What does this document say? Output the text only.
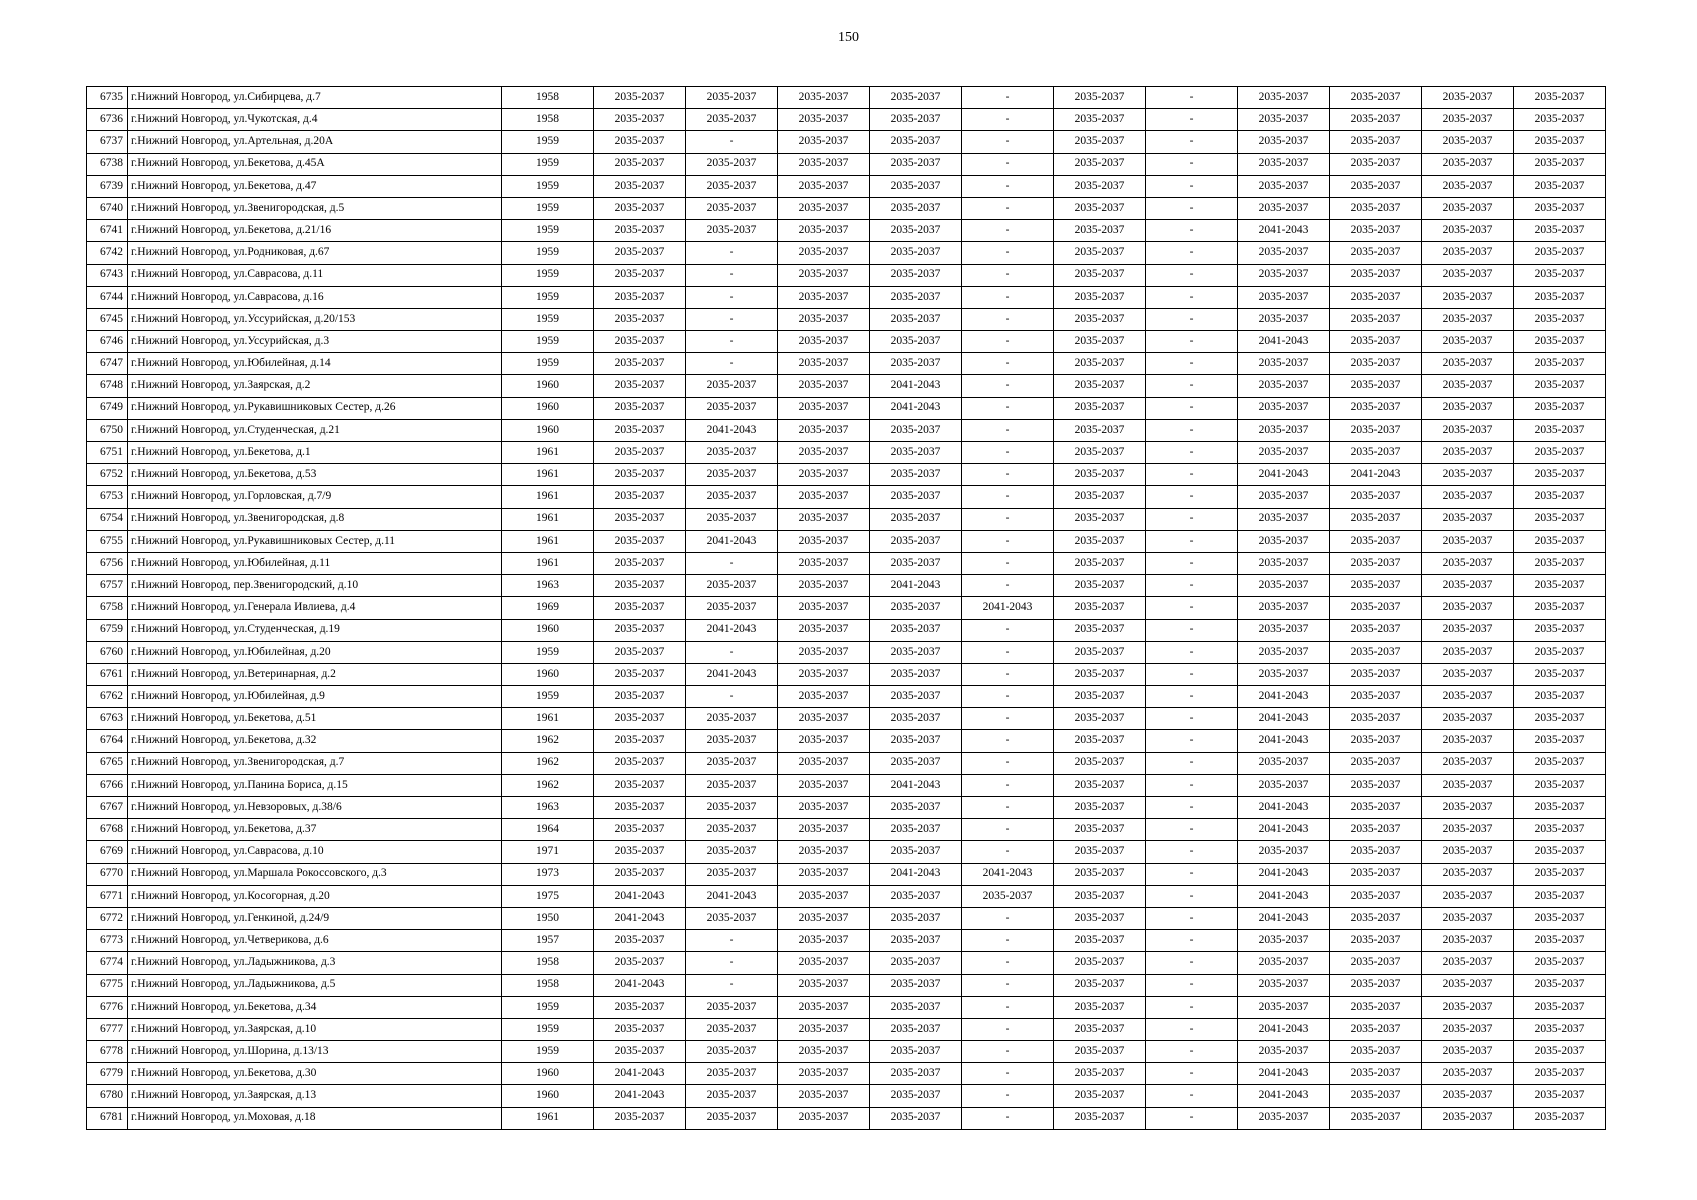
150
6735	г.Нижний Новгород, ул.Сибирцева, д.7	1958	2035-2037	2035-2037	2035-2037	2035-2037	-	2035-2037	-	2035-2037	2035-2037	2035-2037	2035-2037
6736	г.Нижний Новгород, ул.Чукотская, д.4	1958	2035-2037	2035-2037	2035-2037	2035-2037	-	2035-2037	-	2035-2037	2035-2037	2035-2037	2035-2037
6737	г.Нижний Новгород, ул.Артельная, д.20А	1959	2035-2037	-	2035-2037	2035-2037	-	2035-2037	-	2035-2037	2035-2037	2035-2037	2035-2037
6738	г.Нижний Новгород, ул.Бекетова, д.45А	1959	2035-2037	2035-2037	2035-2037	2035-2037	-	2035-2037	-	2035-2037	2035-2037	2035-2037	2035-2037
6739	г.Нижний Новгород, ул.Бекетова, д.47	1959	2035-2037	2035-2037	2035-2037	2035-2037	-	2035-2037	-	2035-2037	2035-2037	2035-2037	2035-2037
6740	г.Нижний Новгород, ул.Звенигородская, д.5	1959	2035-2037	2035-2037	2035-2037	2035-2037	-	2035-2037	-	2035-2037	2035-2037	2035-2037	2035-2037
6741	г.Нижний Новгород, ул.Бекетова, д.21/16	1959	2035-2037	2035-2037	2035-2037	2035-2037	-	2035-2037	-	2041-2043	2035-2037	2035-2037	2035-2037
6742	г.Нижний Новгород, ул.Родниковая, д.67	1959	2035-2037	-	2035-2037	2035-2037	-	2035-2037	-	2035-2037	2035-2037	2035-2037	2035-2037
6743	г.Нижний Новгород, ул.Саврасова, д.11	1959	2035-2037	-	2035-2037	2035-2037	-	2035-2037	-	2035-2037	2035-2037	2035-2037	2035-2037
6744	г.Нижний Новгород, ул.Саврасова, д.16	1959	2035-2037	-	2035-2037	2035-2037	-	2035-2037	-	2035-2037	2035-2037	2035-2037	2035-2037
6745	г.Нижний Новгород, ул.Уссурийская, д.20/153	1959	2035-2037	-	2035-2037	2035-2037	-	2035-2037	-	2035-2037	2035-2037	2035-2037	2035-2037
6746	г.Нижний Новгород, ул.Уссурийская, д.3	1959	2035-2037	-	2035-2037	2035-2037	-	2035-2037	-	2041-2043	2035-2037	2035-2037	2035-2037
6747	г.Нижний Новгород, ул.Юбилейная, д.14	1959	2035-2037	-	2035-2037	2035-2037	-	2035-2037	-	2035-2037	2035-2037	2035-2037	2035-2037
6748	г.Нижний Новгород, ул.Заярская, д.2	1960	2035-2037	2035-2037	2035-2037	2041-2043	-	2035-2037	-	2035-2037	2035-2037	2035-2037	2035-2037
6749	г.Нижний Новгород, ул.Рукавишниковых Сестер, д.26	1960	2035-2037	2035-2037	2035-2037	2041-2043	-	2035-2037	-	2035-2037	2035-2037	2035-2037	2035-2037
6750	г.Нижний Новгород, ул.Студенческая, д.21	1960	2035-2037	2041-2043	2035-2037	2035-2037	-	2035-2037	-	2035-2037	2035-2037	2035-2037	2035-2037
6751	г.Нижний Новгород, ул.Бекетова, д.1	1961	2035-2037	2035-2037	2035-2037	2035-2037	-	2035-2037	-	2035-2037	2035-2037	2035-2037	2035-2037
6752	г.Нижний Новгород, ул.Бекетова, д.53	1961	2035-2037	2035-2037	2035-2037	2035-2037	-	2035-2037	-	2041-2043	2041-2043	2035-2037	2035-2037
6753	г.Нижний Новгород, ул.Горловская, д.7/9	1961	2035-2037	2035-2037	2035-2037	2035-2037	-	2035-2037	-	2035-2037	2035-2037	2035-2037	2035-2037
6754	г.Нижний Новгород, ул.Звенигородская, д.8	1961	2035-2037	2035-2037	2035-2037	2035-2037	-	2035-2037	-	2035-2037	2035-2037	2035-2037	2035-2037
6755	г.Нижний Новгород, ул.Рукавишниковых Сестер, д.11	1961	2035-2037	2041-2043	2035-2037	2035-2037	-	2035-2037	-	2035-2037	2035-2037	2035-2037	2035-2037
6756	г.Нижний Новгород, ул.Юбилейная, д.11	1961	2035-2037	-	2035-2037	2035-2037	-	2035-2037	-	2035-2037	2035-2037	2035-2037	2035-2037
6757	г.Нижний Новгород, пер.Звенигородский, д.10	1963	2035-2037	2035-2037	2035-2037	2041-2043	-	2035-2037	-	2035-2037	2035-2037	2035-2037	2035-2037
6758	г.Нижний Новгород, ул.Генерала Ивлиева, д.4	1969	2035-2037	2035-2037	2035-2037	2035-2037	2041-2043	2035-2037	-	2035-2037	2035-2037	2035-2037	2035-2037
6759	г.Нижний Новгород, ул.Студенческая, д.19	1960	2035-2037	2041-2043	2035-2037	2035-2037	-	2035-2037	-	2035-2037	2035-2037	2035-2037	2035-2037
6760	г.Нижний Новгород, ул.Юбилейная, д.20	1959	2035-2037	-	2035-2037	2035-2037	-	2035-2037	-	2035-2037	2035-2037	2035-2037	2035-2037
6761	г.Нижний Новгород, ул.Ветеринарная, д.2	1960	2035-2037	2041-2043	2035-2037	2035-2037	-	2035-2037	-	2035-2037	2035-2037	2035-2037	2035-2037
6762	г.Нижний Новгород, ул.Юбилейная, д.9	1959	2035-2037	-	2035-2037	2035-2037	-	2035-2037	-	2041-2043	2035-2037	2035-2037	2035-2037
6763	г.Нижний Новгород, ул.Бекетова, д.51	1961	2035-2037	2035-2037	2035-2037	2035-2037	-	2035-2037	-	2041-2043	2035-2037	2035-2037	2035-2037
6764	г.Нижний Новгород, ул.Бекетова, д.32	1962	2035-2037	2035-2037	2035-2037	2035-2037	-	2035-2037	-	2041-2043	2035-2037	2035-2037	2035-2037
6765	г.Нижний Новгород, ул.Звенигородская, д.7	1962	2035-2037	2035-2037	2035-2037	2035-2037	-	2035-2037	-	2035-2037	2035-2037	2035-2037	2035-2037
6766	г.Нижний Новгород, ул.Панина Бориса, д.15	1962	2035-2037	2035-2037	2035-2037	2041-2043	-	2035-2037	-	2035-2037	2035-2037	2035-2037	2035-2037
6767	г.Нижний Новгород, ул.Невзоровых, д.38/6	1963	2035-2037	2035-2037	2035-2037	2035-2037	-	2035-2037	-	2041-2043	2035-2037	2035-2037	2035-2037
6768	г.Нижний Новгород, ул.Бекетова, д.37	1964	2035-2037	2035-2037	2035-2037	2035-2037	-	2035-2037	-	2041-2043	2035-2037	2035-2037	2035-2037
6769	г.Нижний Новгород, ул.Саврасова, д.10	1971	2035-2037	2035-2037	2035-2037	2035-2037	-	2035-2037	-	2035-2037	2035-2037	2035-2037	2035-2037
6770	г.Нижний Новгород, ул.Маршала Рокоссовского, д.3	1973	2035-2037	2035-2037	2035-2037	2041-2043	2041-2043	2035-2037	-	2041-2043	2035-2037	2035-2037	2035-2037
6771	г.Нижний Новгород, ул.Косогорная, д.20	1975	2041-2043	2041-2043	2035-2037	2035-2037	2035-2037	2035-2037	-	2041-2043	2035-2037	2035-2037	2035-2037
6772	г.Нижний Новгород, ул.Генкиной, д.24/9	1950	2041-2043	2035-2037	2035-2037	2035-2037	-	2035-2037	-	2041-2043	2035-2037	2035-2037	2035-2037
6773	г.Нижний Новгород, ул.Четверикова, д.6	1957	2035-2037	-	2035-2037	2035-2037	-	2035-2037	-	2035-2037	2035-2037	2035-2037	2035-2037
6774	г.Нижний Новгород, ул.Ладыжникова, д.3	1958	2035-2037	-	2035-2037	2035-2037	-	2035-2037	-	2035-2037	2035-2037	2035-2037	2035-2037
6775	г.Нижний Новгород, ул.Ладыжникова, д.5	1958	2041-2043	-	2035-2037	2035-2037	-	2035-2037	-	2035-2037	2035-2037	2035-2037	2035-2037
6776	г.Нижний Новгород, ул.Бекетова, д.34	1959	2035-2037	2035-2037	2035-2037	2035-2037	-	2035-2037	-	2035-2037	2035-2037	2035-2037	2035-2037
6777	г.Нижний Новгород, ул.Заярская, д.10	1959	2035-2037	2035-2037	2035-2037	2035-2037	-	2035-2037	-	2041-2043	2035-2037	2035-2037	2035-2037
6778	г.Нижний Новгород, ул.Шорина, д.13/13	1959	2035-2037	2035-2037	2035-2037	2035-2037	-	2035-2037	-	2035-2037	2035-2037	2035-2037	2035-2037
6779	г.Нижний Новгород, ул.Бекетова, д.30	1960	2041-2043	2035-2037	2035-2037	2035-2037	-	2035-2037	-	2041-2043	2035-2037	2035-2037	2035-2037
6780	г.Нижний Новгород, ул.Заярская, д.13	1960	2041-2043	2035-2037	2035-2037	2035-2037	-	2035-2037	-	2041-2043	2035-2037	2035-2037	2035-2037
6781	г.Нижний Новгород, ул.Моховая, д.18	1961	2035-2037	2035-2037	2035-2037	2035-2037	-	2035-2037	-	2035-2037	2035-2037	2035-2037	2035-2037
